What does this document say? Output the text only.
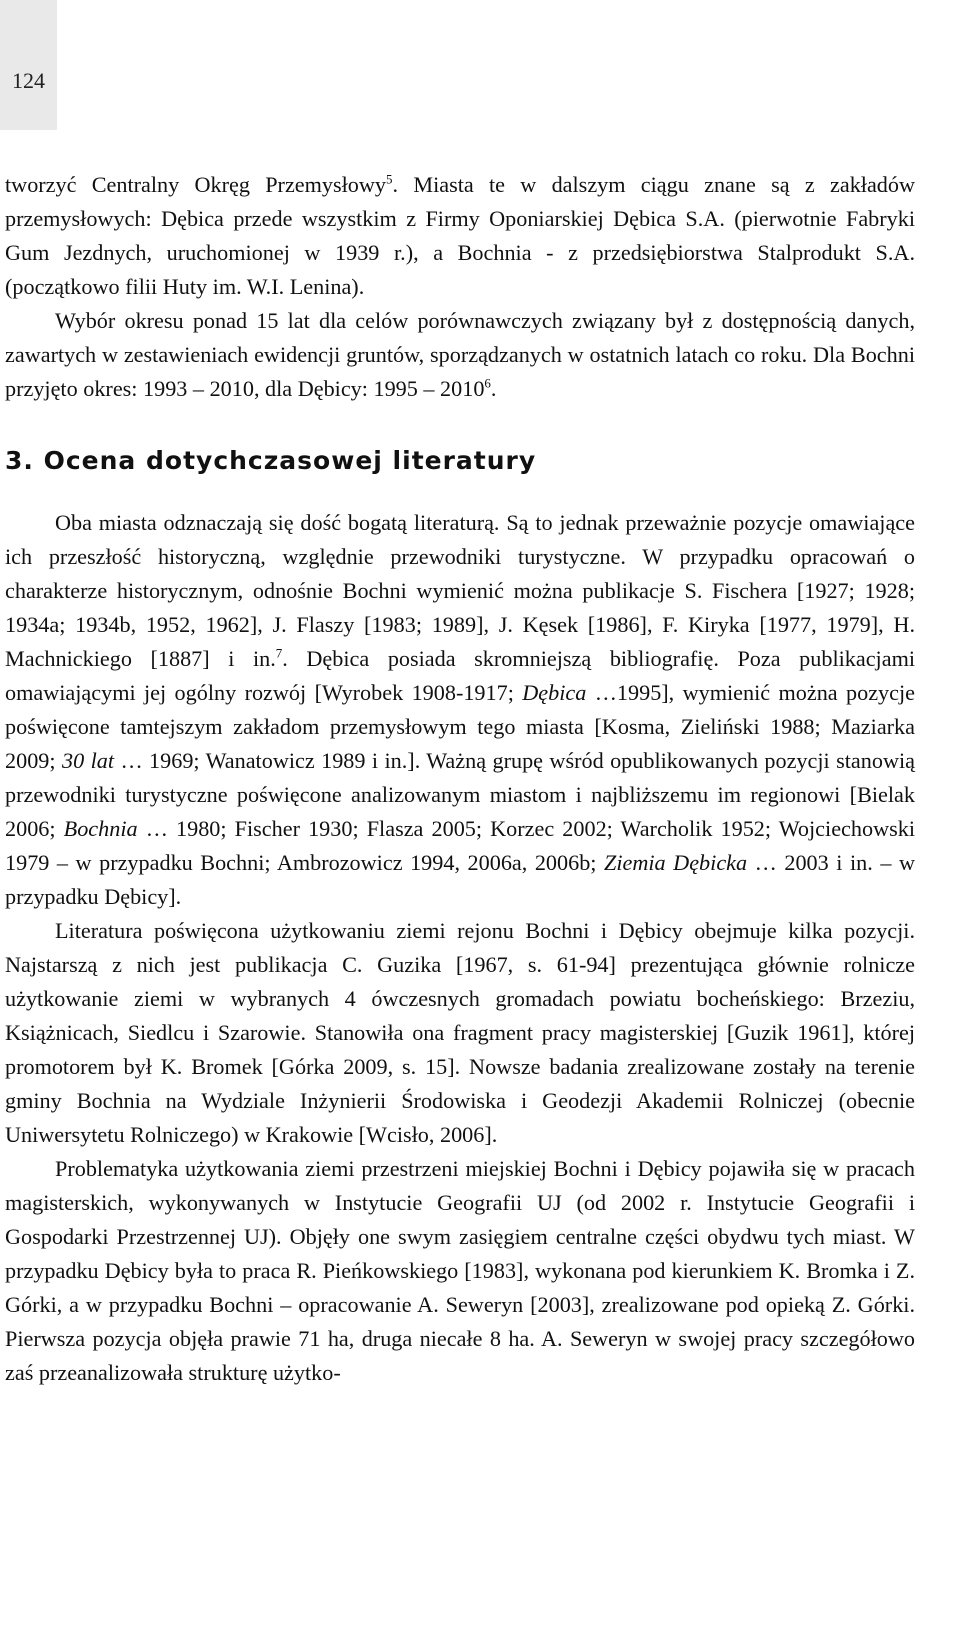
124

tworzyć Centralny Okręg Przemysłowy$^5$. Miasta te w dalszym ciągu znane są z zakładów przemysłowych: Dębica przede wszystkim z Firmy Oponiarskiej Dębica S.A. (pierwotnie Fabryki Gum Jezdnych, uruchomionej w 1939 r.), a Bochnia - z przedsiębiorstwa Stalprodukt S.A. (początkowo filii Huty im. W.I. Lenina).

Wybór okresu ponad 15 lat dla celów porównawczych związany był z dostępnością danych, zawartych w zestawieniach ewidencji gruntów, sporządzanych w ostatnich latach co roku. Dla Bochni przyjęto okres: 1993 – 2010, dla Dębicy: 1995 – 2010$^6$.

3. Ocena dotychczasowej literatury

Oba miasta odznaczają się dość bogatą literaturą. Są to jednak przeważnie pozycje omawiające ich przeszłość historyczną, względnie przewodniki turystyczne. W przypadku opracowań o charakterze historycznym, odnośnie Bochni wymienić można publikacje S. Fischera [1927; 1928; 1934a; 1934b, 1952, 1962], J. Flaszy [1983; 1989], J. Kęsek [1986], F. Kiryka [1977, 1979], H. Machnickiego [1887] i in.$^7$. Dębica posiada skromniejszą bibliografię. Poza publikacjami omawiającymi jej ogólny rozwój [Wyrobek 1908-1917; Dębica …1995], wymienić można pozycje poświęcone tamtejszym zakładom przemysłowym tego miasta [Kosma, Zieliński 1988; Maziarka 2009; 30 lat … 1969; Wanatowicz 1989 i in.]. Ważną grupę wśród opublikowanych pozycji stanowią przewodniki turystyczne poświęcone analizowanym miastom i najbliższemu im regionowi [Bielak 2006; Bochnia … 1980; Fischer 1930; Flasza 2005; Korzec 2002; Warcholik 1952; Wojciechowski 1979 – w przypadku Bochni; Ambrozowicz 1994, 2006a, 2006b; Ziemia Dębicka … 2003 i in. – w przypadku Dębicy].

Literatura poświęcona użytkowaniu ziemi rejonu Bochni i Dębicy obejmuje kilka pozycji. Najstarszą z nich jest publikacja C. Guzika [1967, s. 61-94] prezentująca głównie rolnicze użytkowanie ziemi w wybranych 4 ówczesnych gromadach powiatu bocheńskiego: Brzeziu, Książnicach, Siedlcu i Szarowie. Stanowiła ona fragment pracy magisterskiej [Guzik 1961], której promotorem był K. Bromek [Górka 2009, s. 15]. Nowsze badania zrealizowane zostały na terenie gminy Bochnia na Wydziale Inżynierii Środowiska i Geodezji Akademii Rolniczej (obecnie Uniwersytetu Rolniczego) w Krakowie [Wcisło, 2006].

Problematyka użytkowania ziemi przestrzeni miejskiej Bochni i Dębicy pojawiła się w pracach magisterskich, wykonywanych w Instytucie Geografii UJ (od 2002 r. Instytucie Geografii i Gospodarki Przestrzennej UJ). Objęły one swym zasięgiem centralne części obydwu tych miast. W przypadku Dębicy była to praca R. Pieńkowskiego [1983], wykonana pod kierunkiem K. Bromka i Z. Górki, a w przypadku Bochni – opracowanie A. Seweryn [2003], zrealizowane pod opieką Z. Górki. Pierwsza pozycja objęła prawie 71 ha, druga niecałe 8 ha. A. Seweryn w swojej pracy szczegółowo zaś przeanalizowała strukturę użytko-
